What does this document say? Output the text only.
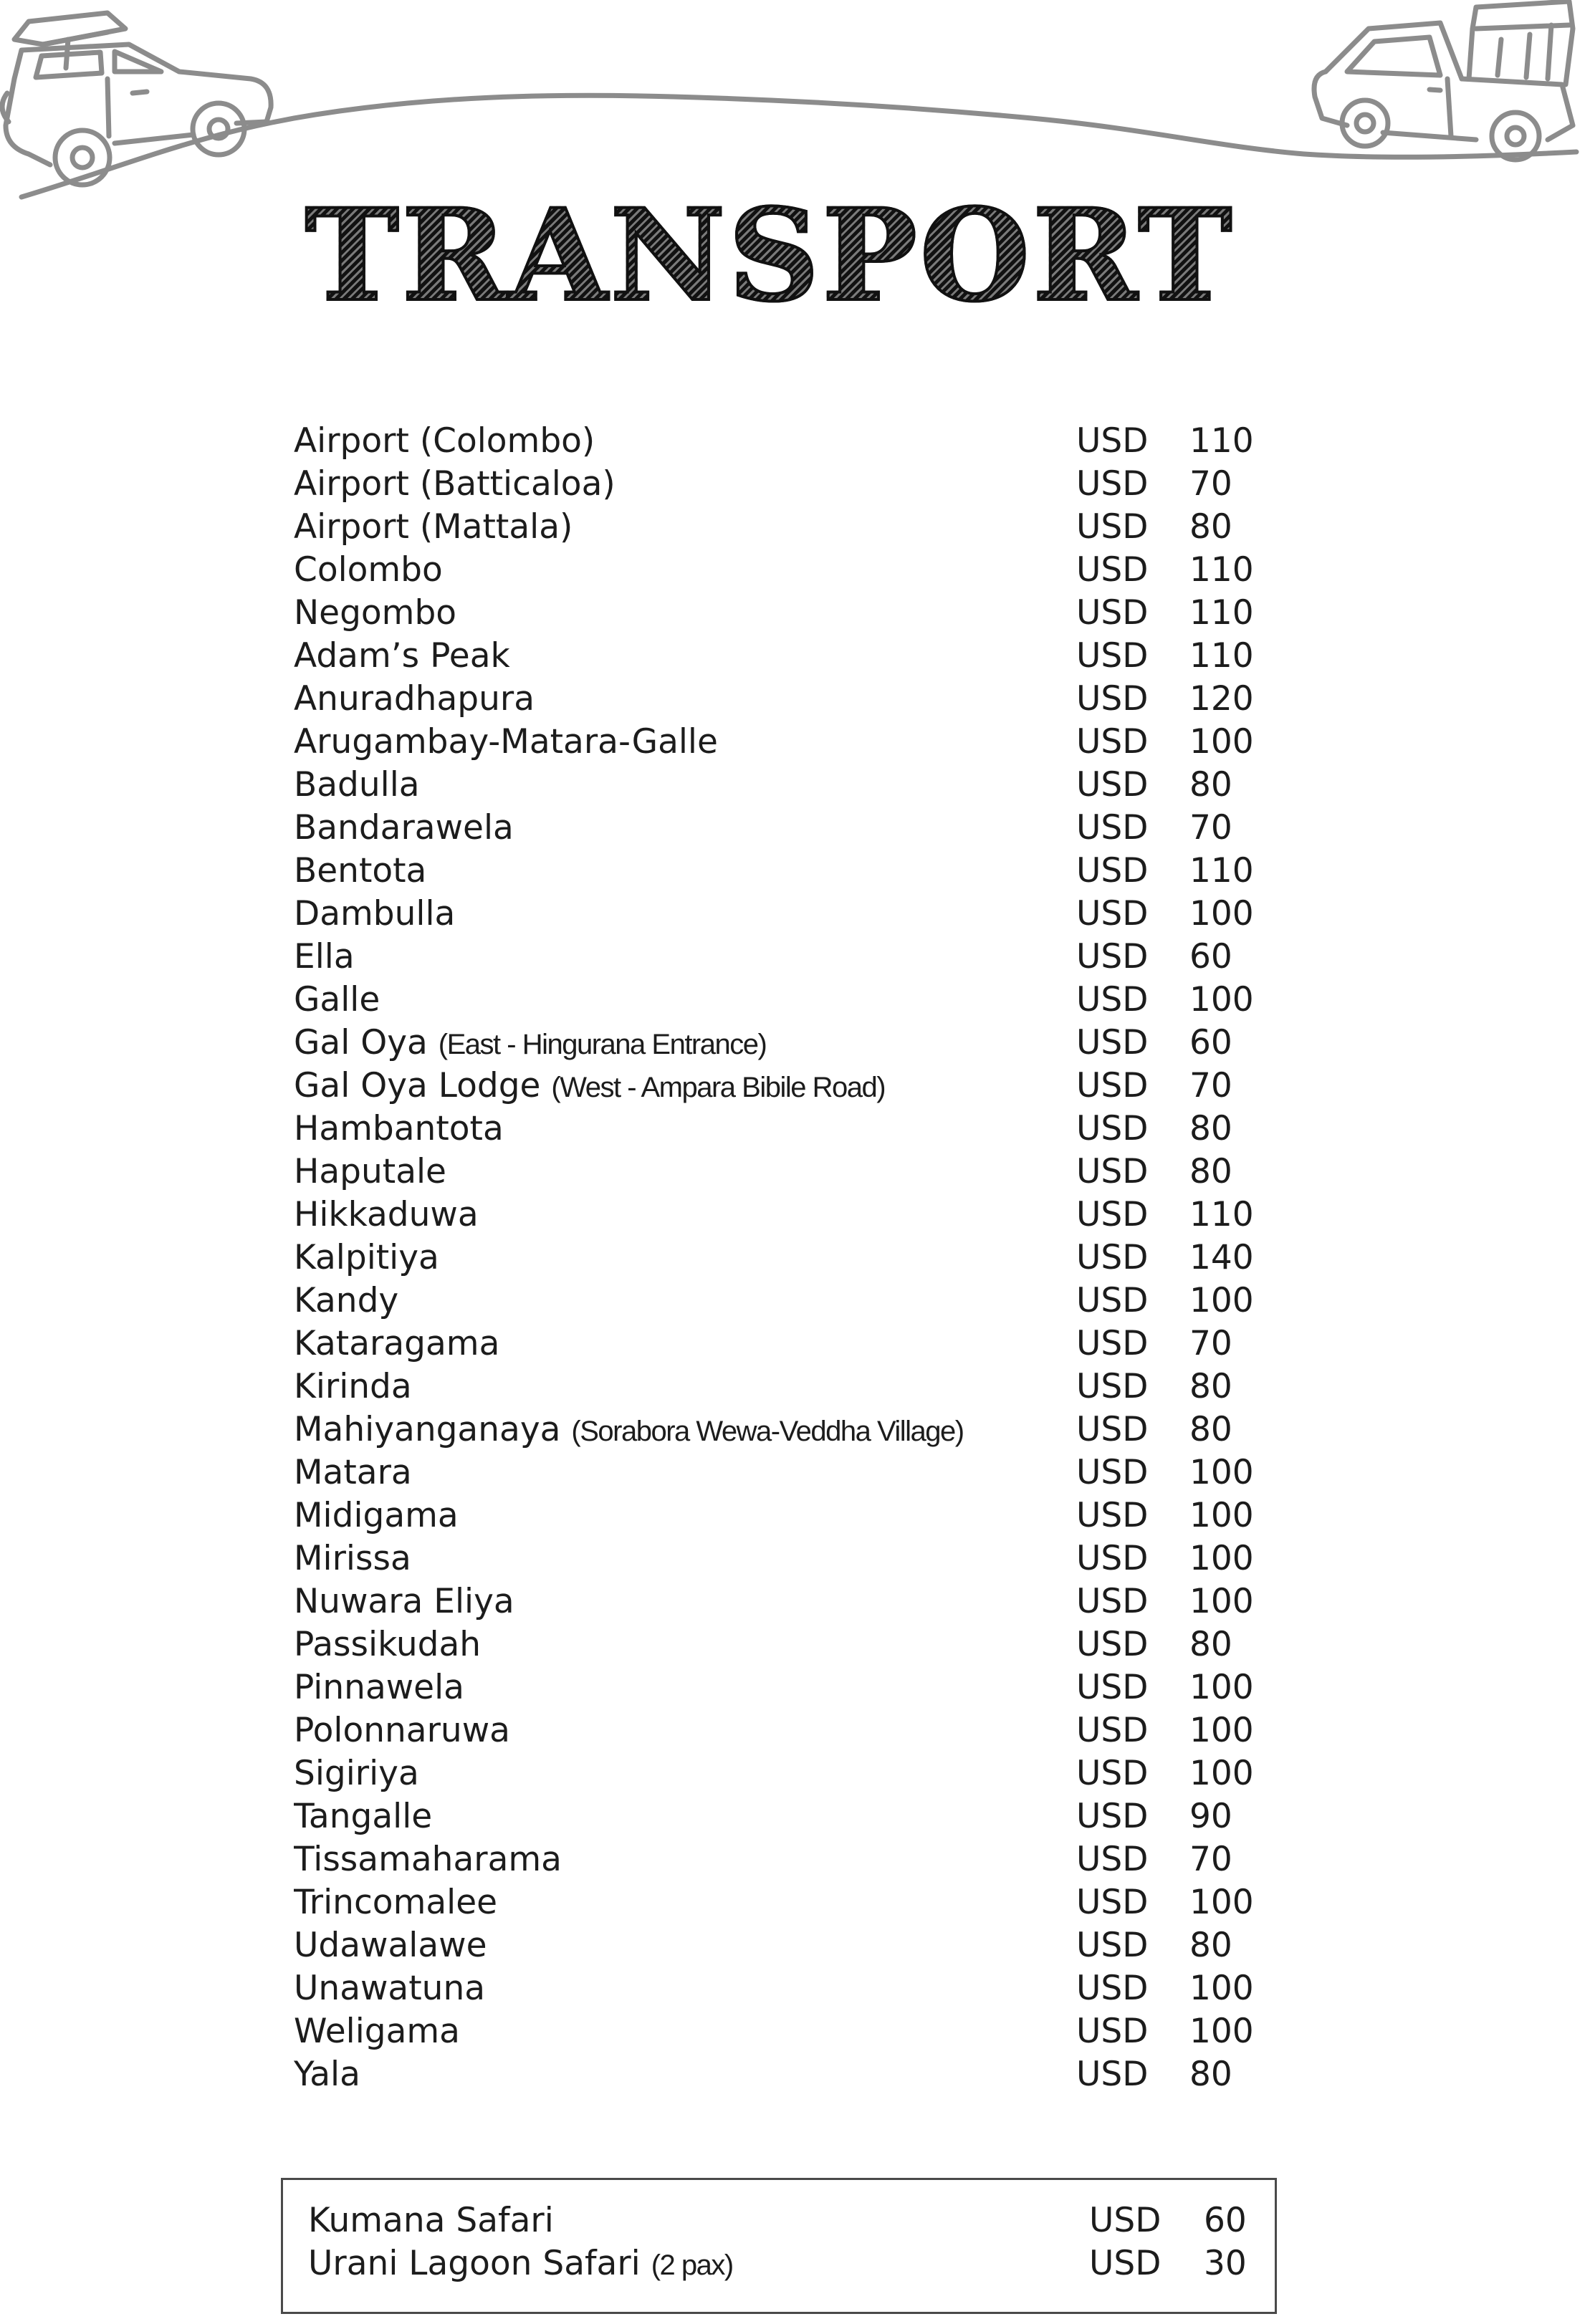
TRANSPORT
Airport (Colombo)	USD	110
Airport (Batticaloa)	USD	70
Airport (Mattala)	USD	80
Colombo	USD	110
Negombo	USD	110
Adam’s Peak	USD	110
Anuradhapura	USD	120
Arugambay-Matara-Galle	USD	100
Badulla	USD	80
Bandarawela	USD	70
Bentota	USD	110
Dambulla	USD	100
Ella	USD	60
Galle	USD	100
Gal Oya (East - Hingurana Entrance)	USD	60
Gal Oya Lodge (West - Ampara Bibile Road)	USD	70
Hambantota	USD	80
Haputale	USD	80
Hikkaduwa	USD	110
Kalpitiya	USD	140
Kandy	USD	100
Kataragama	USD	70
Kirinda	USD	80
Mahiyanganaya (Sorabora Wewa-Veddha Village)	USD	80
Matara	USD	100
Midigama	USD	100
Mirissa	USD	100
Nuwara Eliya	USD	100
Passikudah	USD	80
Pinnawela	USD	100
Polonnaruwa	USD	100
Sigiriya	USD	100
Tangalle	USD	90
Tissamaharama	USD	70
Trincomalee	USD	100
Udawalawe	USD	80
Unawatuna	USD	100
Weligama	USD	100
Yala	USD	80
Kumana Safari	USD	60
Urani Lagoon Safari (2 pax)	USD	30
